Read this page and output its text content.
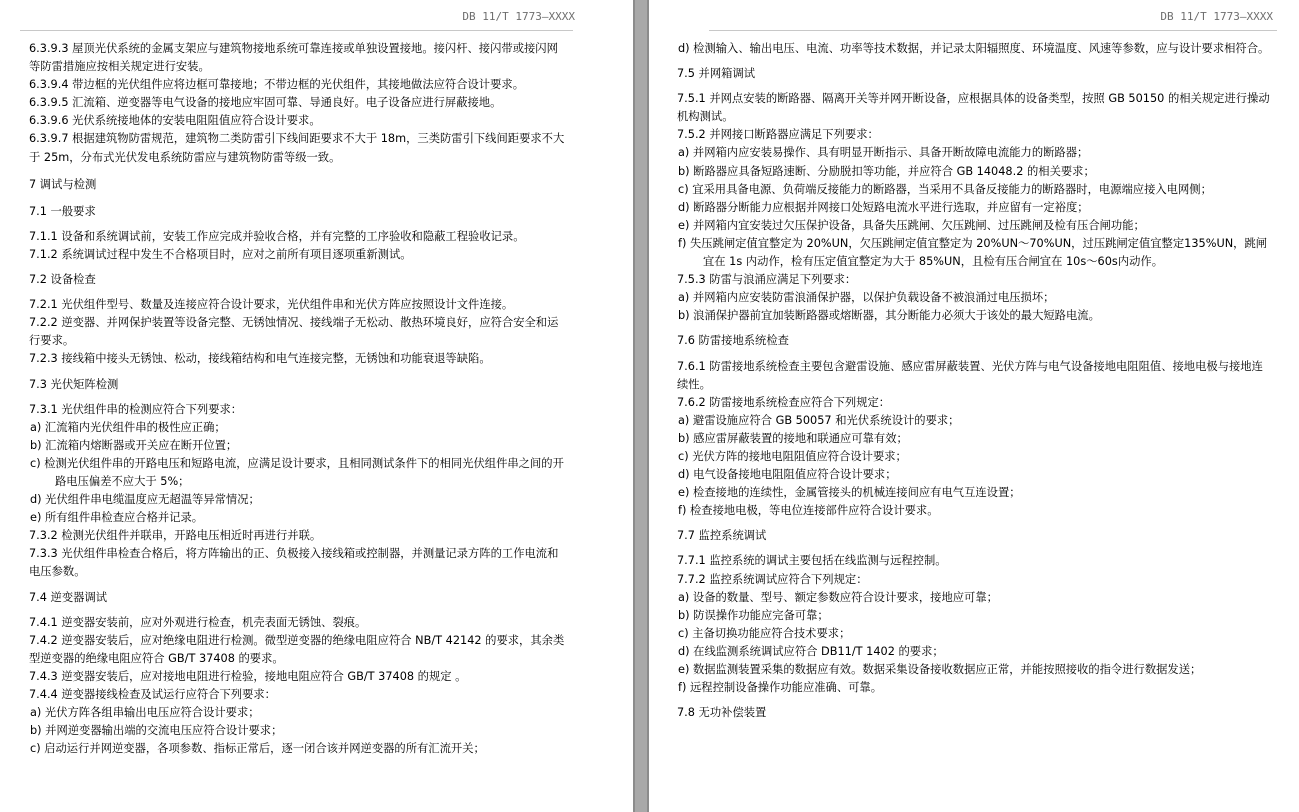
DB 11/T 1773—XXXX

6.3.9.3 屋顶光伏系统的金属支架应与建筑物接地系统可靠连接或单独设置接地。接闪杆、接闪带或接闪网等防雷措施应按相关规定进行安装。

6.3.9.4 带边框的光伏组件应将边框可靠接地；不带边框的光伏组件，其接地做法应符合设计要求。

6.3.9.5 汇流箱、逆变器等电气设备的接地应牢固可靠、导通良好。电子设备应进行屏蔽接地。

6.3.9.6 光伏系统接地体的安装电阻阻值应符合设计要求。

6.3.9.7 根据建筑物防雷规范，建筑物二类防雷引下线间距要求不大于 18m，三类防雷引下线间距要求不大于 25m，分布式光伏发电系统防雷应与建筑物防雷等级一致。

7 调试与检测

7.1 一般要求

7.1.1 设备和系统调试前，安装工作应完成并验收合格，并有完整的工序验收和隐蔽工程验收记录。

7.1.2 系统调试过程中发生不合格项目时，应对之前所有项目逐项重新测试。

7.2 设备检查

7.2.1 光伏组件型号、数量及连接应符合设计要求，光伏组件串和光伏方阵应按照设计文件连接。

7.2.2 逆变器、并网保护装置等设备完整、无锈蚀情况、接线端子无松动、散热环境良好，应符合安全和运行要求。

7.2.3 接线箱中接头无锈蚀、松动，接线箱结构和电气连接完整，无锈蚀和功能衰退等缺陷。

7.3 光伏矩阵检测

7.3.1 光伏组件串的检测应符合下列要求：

a) 汇流箱内光伏组件串的极性应正确；

b) 汇流箱内熔断器或开关应在断开位置；

c) 检测光伏组件串的开路电压和短路电流，应满足设计要求，且相同测试条件下的相同光伏组件串之间的开路电压偏差不应大于 5%；

d) 光伏组件串电缆温度应无超温等异常情况；

e) 所有组件串检查应合格并记录。

7.3.2 检测光伏组件并联串，开路电压相近时再进行并联。

7.3.3 光伏组件串检查合格后，将方阵输出的正、负极接入接线箱或控制器，并测量记录方阵的工作电流和电压参数。

7.4 逆变器调试

7.4.1 逆变器安装前，应对外观进行检查，机壳表面无锈蚀、裂痕。

7.4.2 逆变器安装后，应对绝缘电阻进行检测。微型逆变器的绝缘电阻应符合 NB/T 42142 的要求，其余类型逆变器的绝缘电阻应符合 GB/T 37408 的要求。

7.4.3 逆变器安装后，应对接地电阻进行检验，接地电阻应符合 GB/T 37408 的规定 。

7.4.4 逆变器接线检查及试运行应符合下列要求：

a) 光伏方阵各组串输出电压应符合设计要求；

b) 并网逆变器输出端的交流电压应符合设计要求；

c) 启动运行并网逆变器，各项参数、指标正常后，逐一闭合该并网逆变器的所有汇流开关；

DB 11/T 1773—XXXX

d) 检测输入、输出电压、电流、功率等技术数据，并记录太阳辐照度、环境温度、风速等参数，应与设计要求相符合。

7.5 并网箱调试

7.5.1 并网点安装的断路器、隔离开关等并网开断设备，应根据具体的设备类型，按照 GB 50150 的相关规定进行操动机构测试。

7.5.2 并网接口断路器应满足下列要求：

a) 并网箱内应安装易操作、具有明显开断指示、具备开断故障电流能力的断路器；

b) 断路器应具备短路速断、分励脱扣等功能，并应符合 GB 14048.2 的相关要求；

c) 宜采用具备电源、负荷端反接能力的断路器，当采用不具备反接能力的断路器时，电源端应接入电网侧；

d) 断路器分断能力应根据并网接口处短路电流水平进行选取，并应留有一定裕度；

e) 并网箱内宜安装过欠压保护设备，具备失压跳闸、欠压跳闸、过压跳闸及检有压合闸功能；

f) 失压跳闸定值宜整定为 20%UN，欠压跳闸定值宜整定为 20%UN～70%UN，过压跳闸定值宜整定135%UN，跳闸宜在 1s 内动作，检有压定值宜整定为大于 85%UN，且检有压合闸宜在 10s～60s内动作。

7.5.3 防雷与浪涌应满足下列要求：

a) 并网箱内应安装防雷浪涌保护器，以保护负载设备不被浪涌过电压损坏；

b) 浪涌保护器前宜加装断路器或熔断器，其分断能力必须大于该处的最大短路电流。

7.6 防雷接地系统检查

7.6.1 防雷接地系统检查主要包含避雷设施、感应雷屏蔽装置、光伏方阵与电气设备接地电阻阻值、接地电极与接地连续性。

7.6.2 防雷接地系统检查应符合下列规定：

a) 避雷设施应符合 GB 50057 和光伏系统设计的要求；

b) 感应雷屏蔽装置的接地和联通应可靠有效；

c) 光伏方阵的接地电阻阻值应符合设计要求；

d) 电气设备接地电阻阻值应符合设计要求；

e) 检查接地的连续性，金属管接头的机械连接间应有电气互连设置；

f) 检查接地电极，等电位连接部件应符合设计要求。

7.7 监控系统调试

7.7.1 监控系统的调试主要包括在线监测与远程控制。

7.7.2 监控系统调试应符合下列规定：

a) 设备的数量、型号、额定参数应符合设计要求，接地应可靠；

b) 防误操作功能应完备可靠；

c) 主备切换功能应符合技术要求；

d) 在线监测系统调试应符合 DB11/T 1402 的要求；

e) 数据监测装置采集的数据应有效。数据采集设备接收数据应正常，并能按照接收的指令进行数据发送；

f) 远程控制设备操作功能应准确、可靠。

7.8 无功补偿装置
